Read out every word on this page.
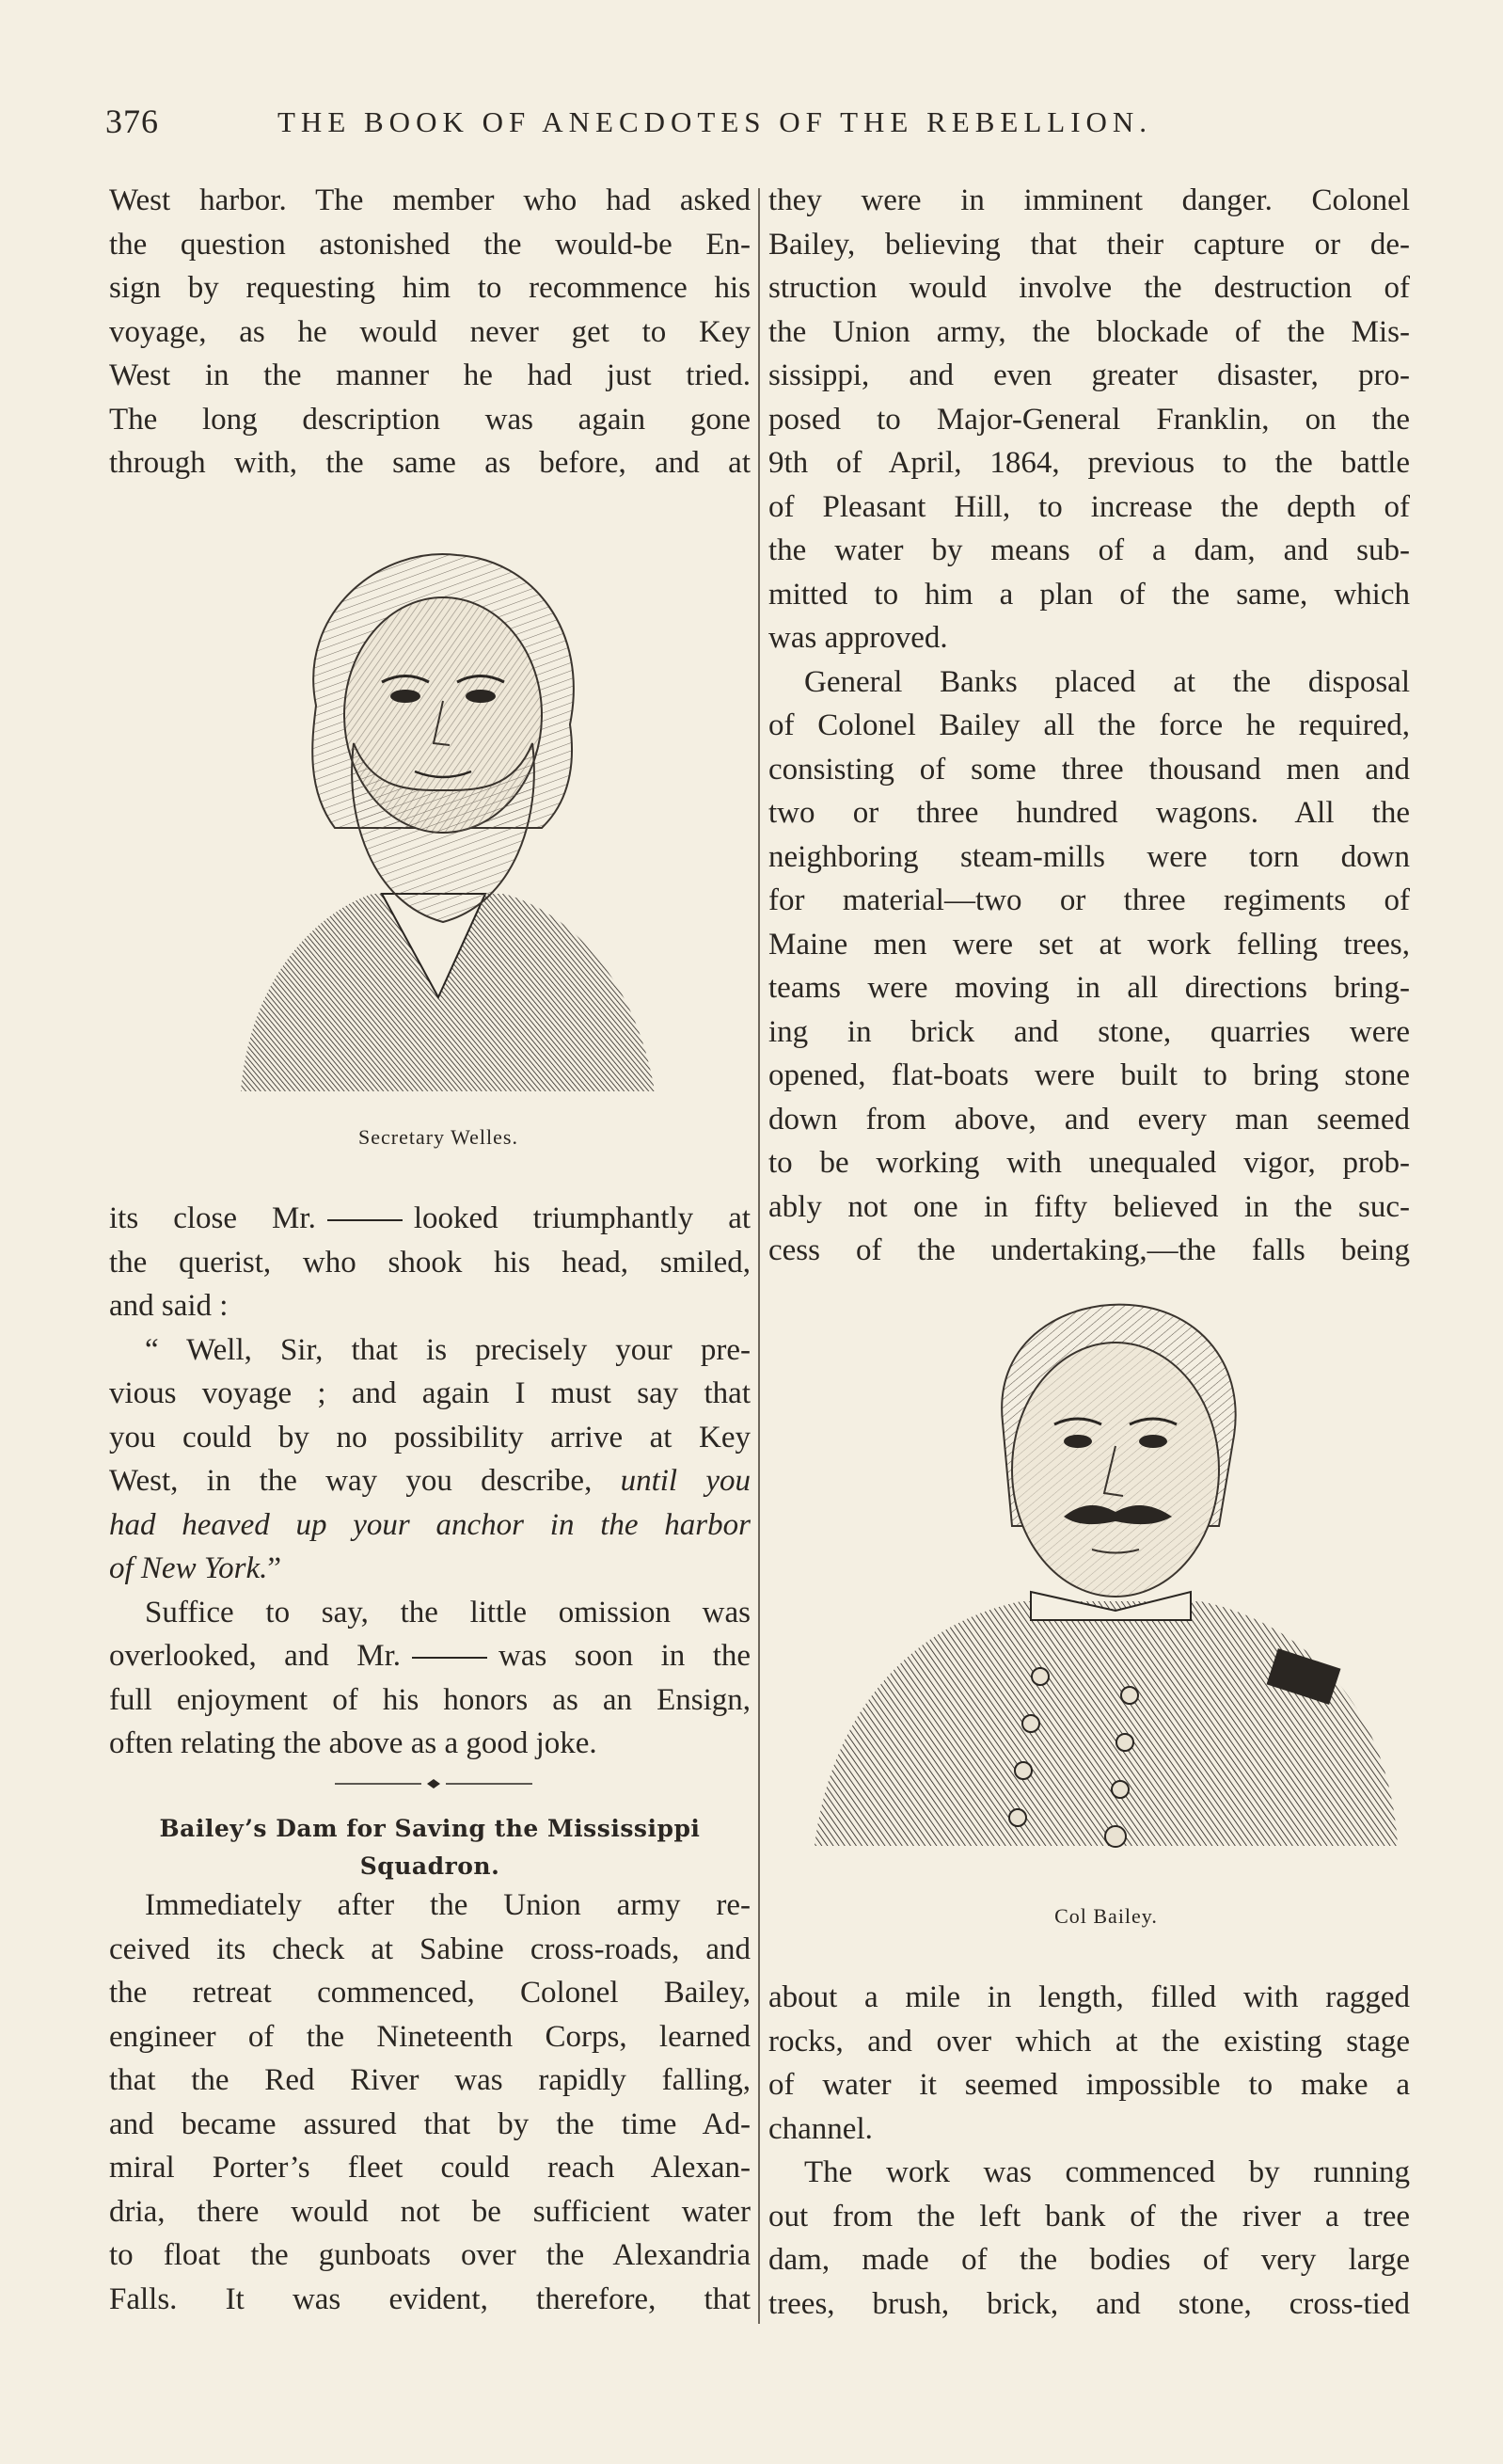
376	THE BOOK OF ANECDOTES OF THE REBELLION.
West harbor. The member who had asked
the question astonished the would-be En-
sign by requesting him to recommence his
voyage, as he would never get to Key
West in the manner he had just tried.
The long description was again gone
through with, the same as before, and at
its close Mr.	looked triumphantly at
the querist, who shook his head, smiled,
and said :
“ Well, Sir, that is precisely your pre-
vious voyage ; and again I must say that
you could by no possibility arrive at Key
West, in the way you describe, until you
had heaved up your anchor in the harbor
of New York.”
Suffice to say, the little omission was
overlooked, and Mr.	was soon in the
full enjoyment of his honors as an Ensign,
often relating the above as a good joke.
Immediately after the Union army re-
ceived its check at Sabine cross-roads, and
the retreat commenced, Colonel Bailey,
engineer of the Nineteenth Corps, learned
that the Red River was rapidly falling,
and became assured that by the time Ad-
miral Porter’s fleet could reach Alexan-
dria, there would not be sufficient water
to float the gunboats over the Alexandria
Falls. It was evident, therefore, that
Secretary Welles.
Bailey’s Dam for Saving the Mississippi
Squadron.
they were in imminent danger. Colonel
Bailey, believing that their capture or de-
struction would involve the destruction of
the Union army, the blockade of the Mis-
sissippi, and even greater disaster, pro-
posed to Major-General Franklin, on the
9th of April, 1864, previous to the battle
of Pleasant Hill, to increase the depth of
the water by means of a dam, and sub-
mitted to him a plan of the same, which
was approved.
General Banks placed at the disposal
of Colonel Bailey all the force he required,
consisting of some three thousand men and
two or three hundred wagons. All the
neighboring steam-mills were torn down
for material—two or three regiments of
Maine men were set at work felling trees,
teams were moving in all directions bring-
ing in brick and stone, quarries were
opened, flat-boats were built to bring stone
down from above, and every man seemed
to be working with unequaled vigor, prob-
ably not one in fifty believed in the suc-
cess of the undertaking,—the falls being
about a mile in length, filled with ragged
rocks, and over which at the existing stage
of water it seemed impossible to make a
channel.
The work was commenced by running
out from the left bank of the river a tree
dam, made of the bodies of very large
trees, brush, brick, and stone, cross-tied
Col Bailey.
